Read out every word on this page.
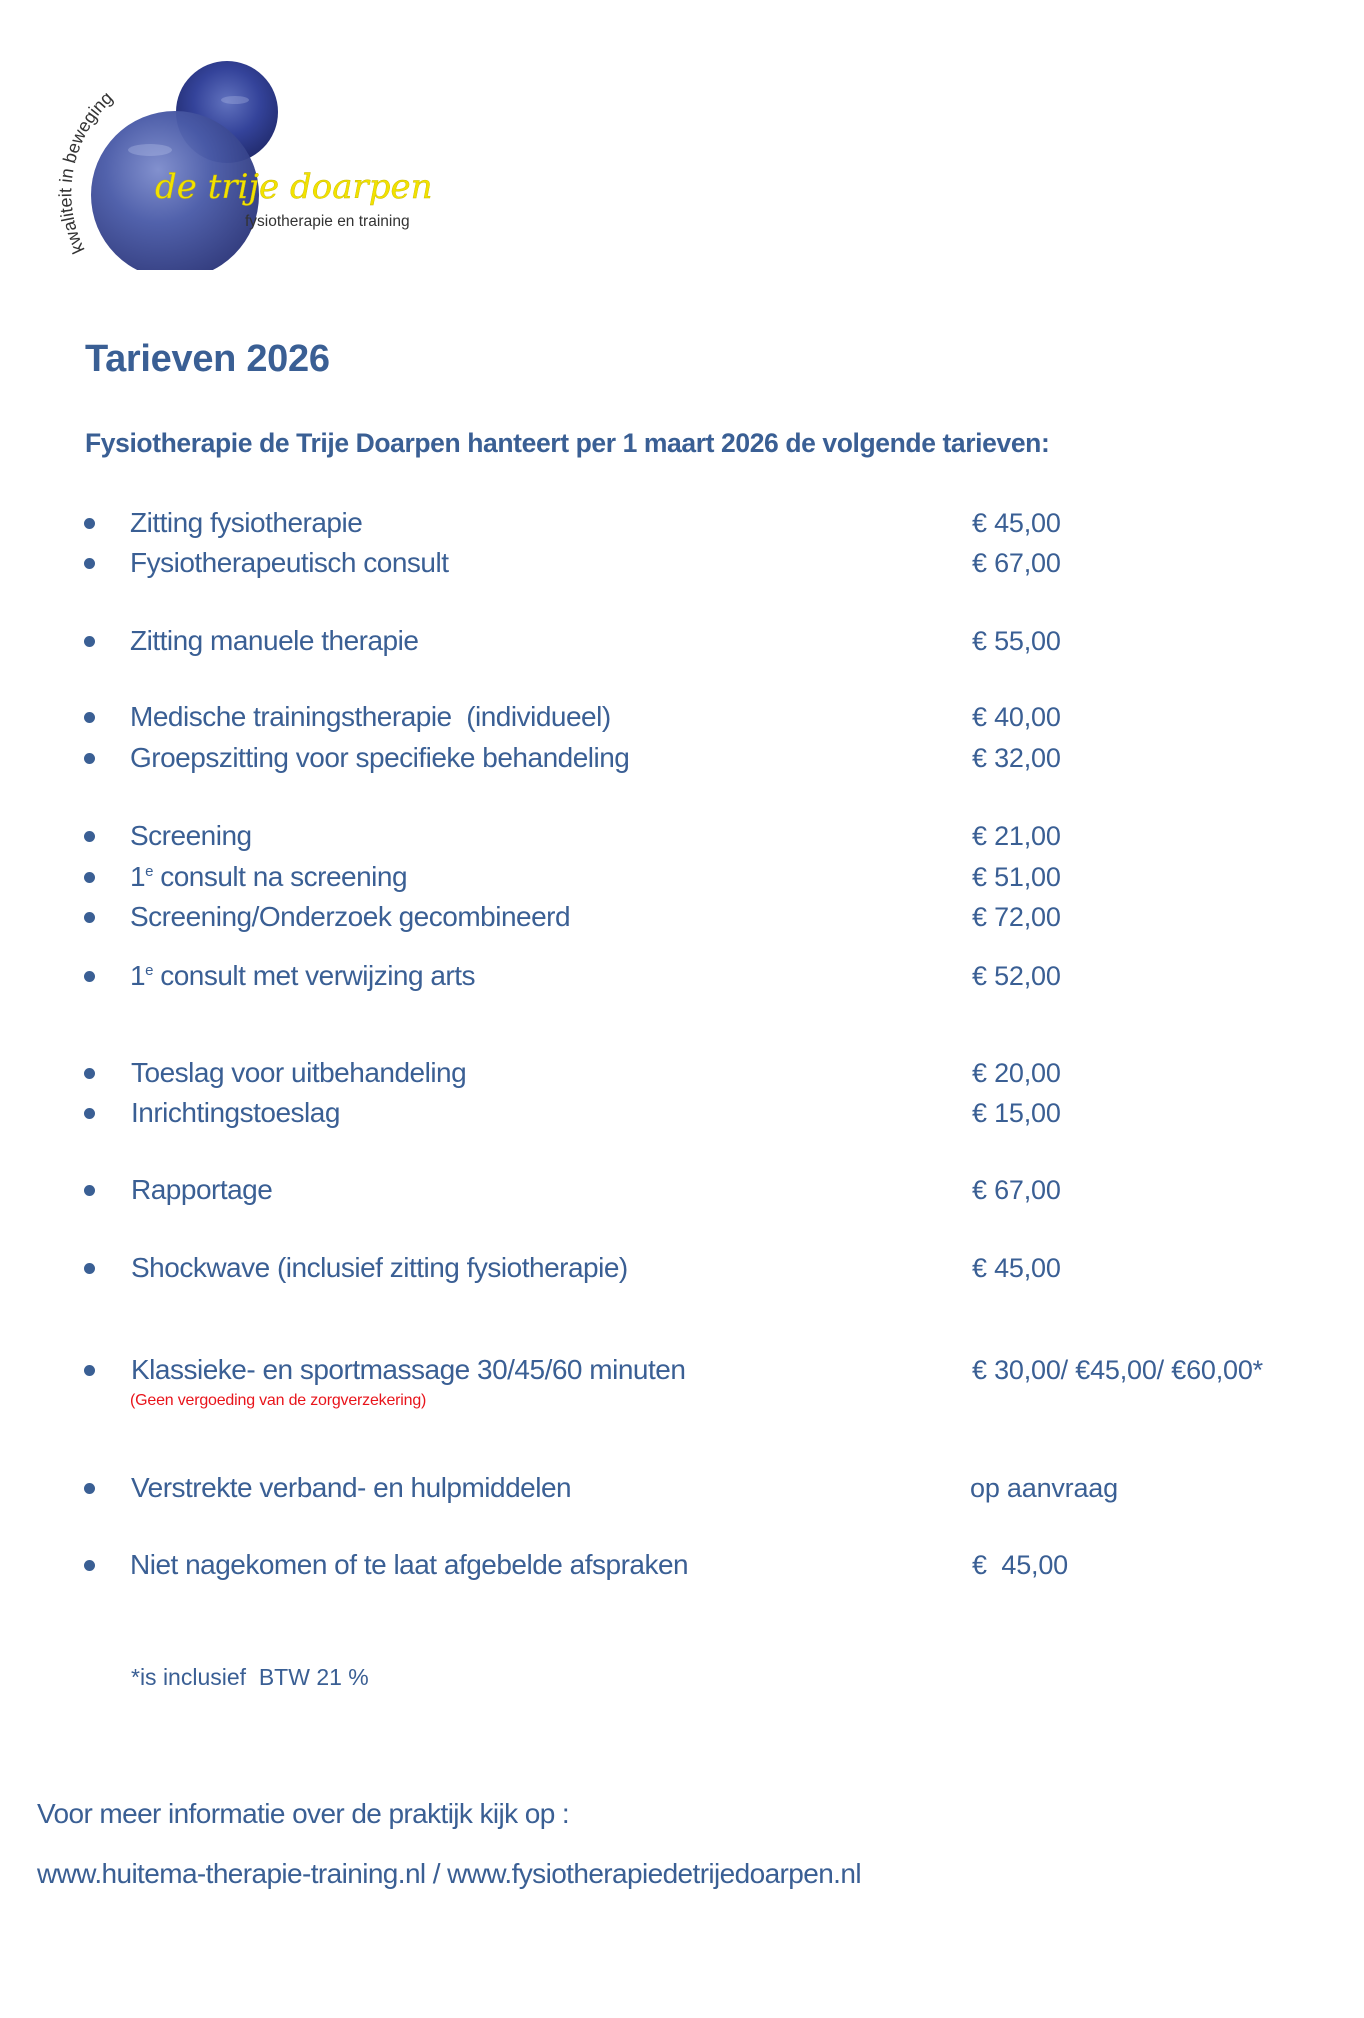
kwaliteit in beweging
de trije doarpen
fysiotherapie en training
Tarieven 2026
Fysiotherapie de Trije Doarpen hanteert per 1 maart 2026 de volgende tarieven:
Zitting fysiotherapie	€ 45,00
Fysiotherapeutisch consult	€ 67,00
Zitting manuele therapie	€ 55,00
Medische trainingstherapie  (individueel)	€ 40,00
Groepszitting voor specifieke behandeling	€ 32,00
Screening	€ 21,00
1e consult na screening	€ 51,00
Screening/Onderzoek gecombineerd	€ 72,00
1e consult met verwijzing arts	€ 52,00
Toeslag voor uitbehandeling	€ 20,00
Inrichtingstoeslag	€ 15,00
Rapportage	€ 67,00
Shockwave (inclusief zitting fysiotherapie)	€ 45,00
Klassieke- en sportmassage 30/45/60 minuten	€ 30,00/ €45,00/ €60,00*
(Geen vergoeding van de zorgverzekering)
Verstrekte verband- en hulpmiddelen	op aanvraag
Niet nagekomen of te laat afgebelde afspraken	€  45,00
*is inclusief  BTW 21 %
Voor meer informatie over de praktijk kijk op :
www.huitema-therapie-training.nl / www.fysiotherapiedetrijedoarpen.nl
